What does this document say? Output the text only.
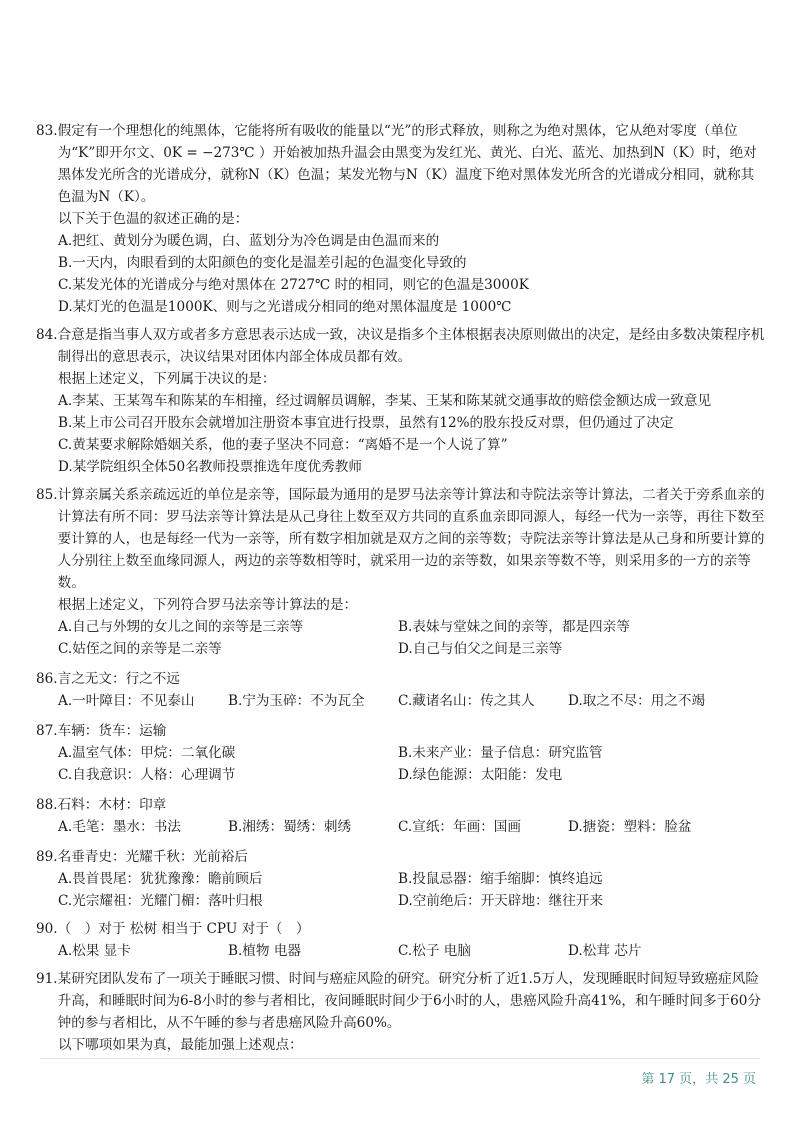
83. 假定有一个理想化的纯黑体，它能将所有吸收的能量以“光”的形式释放，则称之为绝对黑体，它从绝对零度（单位为“K”即开尔文、0K = −273℃ ）开始被加热升温会由黑变为发红光、黄光、白光、蓝光、加热到N（K）时，绝对黑体发光所含的光谱成分，就称N（K）色温；某发光物与N（K）温度下绝对黑体发光所含的光谱成分相同，就称其色温为N（K）。

以下关于色温的叙述正确的是：

A.把红、黄划分为暖色调，白、蓝划分为冷色调是由色温而来的

B.一天内，肉眼看到的太阳颜色的变化是温差引起的色温变化导致的

C.某发光体的光谱成分与绝对黑体在 2727℃ 时的相同，则它的色温是3000K

D.某灯光的色温是1000K、则与之光谱成分相同的绝对黑体温度是 1000℃

84. 合意是指当事人双方或者多方意思表示达成一致，决议是指多个主体根据表决原则做出的决定，是经由多数决策程序机制得出的意思表示，决议结果对团体内部全体成员都有效。

根据上述定义，下列属于决议的是：

A.李某、王某驾车和陈某的车相撞，经过调解员调解，李某、王某和陈某就交通事故的赔偿金额达成一致意见

B.某上市公司召开股东会就增加注册资本事宜进行投票，虽然有12%的股东投反对票，但仍通过了决定

C.黄某要求解除婚姻关系，他的妻子坚决不同意：“离婚不是一个人说了算”

D.某学院组织全体50名教师投票推选年度优秀教师

85. 计算亲属关系亲疏远近的单位是亲等，国际最为通用的是罗马法亲等计算法和寺院法亲等计算法，二者关于旁系血亲的计算法有所不同：罗马法亲等计算法是从己身往上数至双方共同的直系血亲即同源人，每经一代为一亲等，再往下数至要计算的人，也是每经一代为一亲等，所有数字相加就是双方之间的亲等数；寺院法亲等计算法是从己身和所要计算的人分别往上数至血缘同源人，两边的亲等数相等时，就采用一边的亲等数，如果亲等数不等，则采用多的一方的亲等数。

根据上述定义，下列符合罗马法亲等计算法的是：

A.自己与外甥的女儿之间的亲等是三亲等	B.表妹与堂妹之间的亲等，都是四亲等
C.姑侄之间的亲等是二亲等	D.自己与伯父之间是三亲等
86. 言之无文：行之不远
A.一叶障目：不见泰山	B.宁为玉碎：不为瓦全	C.藏诸名山：传之其人	D.取之不尽：用之不竭
87. 车辆：货车：运输
A.温室气体：甲烷：二氧化碳	B.未来产业：量子信息：研究监管
C.自我意识：人格：心理调节	D.绿色能源：太阳能：发电
88. 石料：木材：印章
A.毛笔：墨水：书法	B.湘绣：蜀绣：刺绣	C.宣纸：年画：国画	D.搪瓷：塑料：脸盆
89. 名垂青史：光耀千秋：光前裕后
A.畏首畏尾：犹犹豫豫：瞻前顾后	B.投鼠忌器：缩手缩脚：慎终追远
C.光宗耀祖：光耀门楣：落叶归根	D.空前绝后：开天辟地：继往开来
90. （　）对于 松树 相当于 CPU 对于（　）
A.松果 显卡	B.植物 电器	C.松子 电脑	D.松茸 芯片
91. 某研究团队发布了一项关于睡眠习惯、时间与癌症风险的研究。研究分析了近1.5万人，发现睡眠时间短导致癌症风险升高，和睡眠时间为6-8小时的参与者相比，夜间睡眠时间少于6小时的人，患癌风险升高41%，和午睡时间多于60分钟的参与者相比，从不午睡的参与者患癌风险升高60%。

以下哪项如果为真，最能加强上述观点：

第 17 页，共 25 页
